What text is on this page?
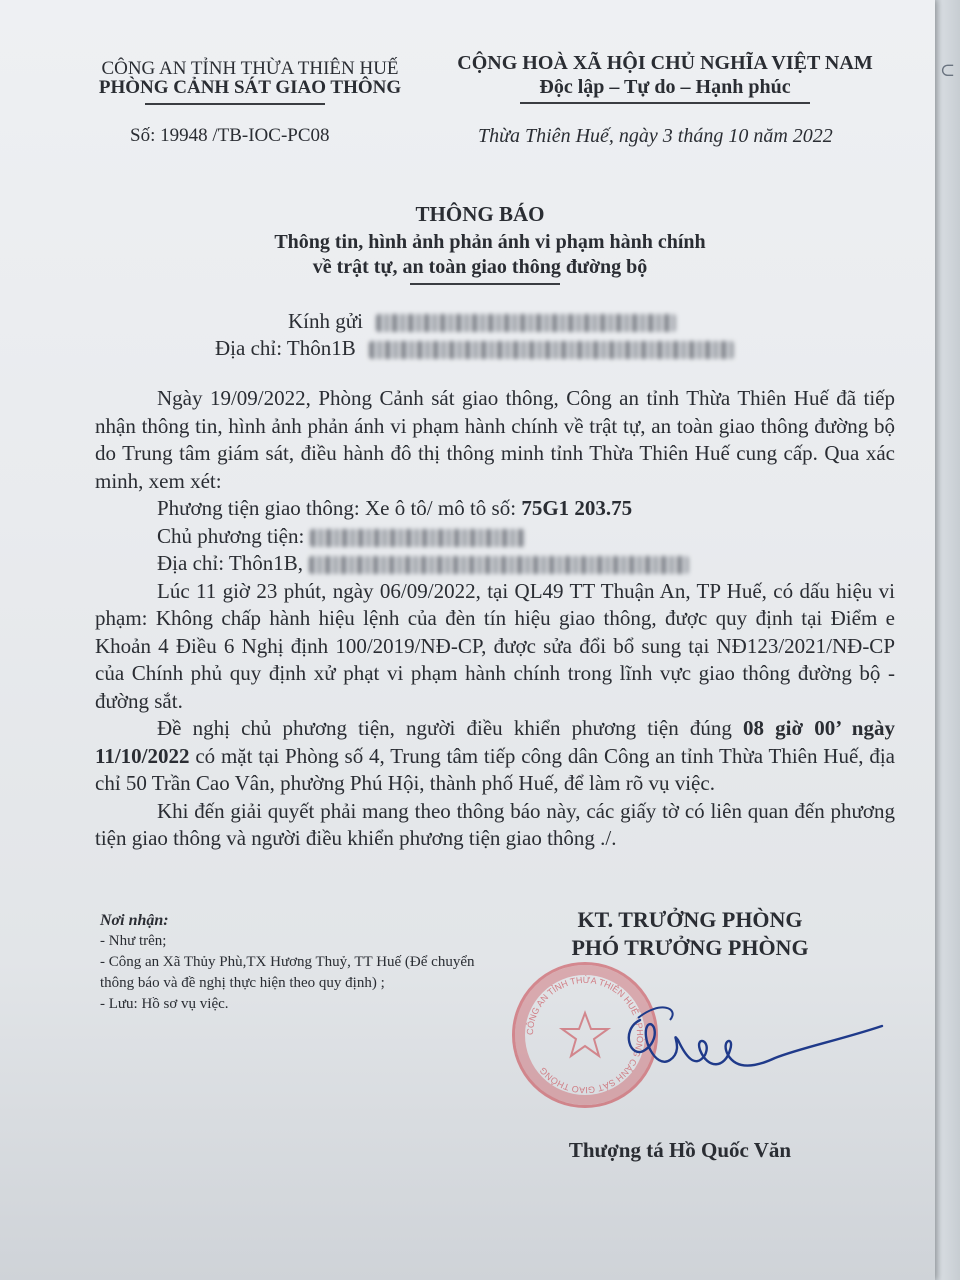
⊂
CÔNG AN TỈNH THỪA THIÊN HUẾ
PHÒNG CẢNH SÁT GIAO THÔNG
CỘNG HOÀ XÃ HỘI CHỦ NGHĨA VIỆT NAM
Độc lập – Tự do – Hạnh phúc
Số: 19948 /TB-IOC-PC08	Thừa Thiên Huế, ngày 3 tháng 10 năm 2022
THÔNG BÁO
Thông tin, hình ảnh phản ánh vi phạm hành chính
về trật tự, an toàn giao thông đường bộ
Kính gửi
Địa chỉ: Thôn1B

Ngày 19/09/2022, Phòng Cảnh sát giao thông, Công an tỉnh Thừa Thiên Huế đã tiếp nhận thông tin, hình ảnh phản ánh vi phạm hành chính về trật tự, an toàn giao thông đường bộ do Trung tâm giám sát, điều hành đô thị thông minh tỉnh Thừa Thiên Huế cung cấp. Qua xác minh, xem xét:

Phương tiện giao thông: Xe ô tô/ mô tô số: 75G1 203.75

Chủ phương tiện:

Địa chỉ: Thôn1B,

Lúc 11 giờ 23 phút, ngày 06/09/2022, tại QL49 TT Thuận An, TP Huế, có dấu hiệu vi phạm: Không chấp hành hiệu lệnh của đèn tín hiệu giao thông, được quy định tại Điểm e Khoản 4 Điều 6 Nghị định 100/2019/NĐ-CP, được sửa đổi bổ sung tại NĐ123/2021/NĐ-CP của Chính phủ quy định xử phạt vi phạm hành chính trong lĩnh vực giao thông đường bộ - đường sắt.

Đề nghị chủ phương tiện, người điều khiển phương tiện đúng 08 giờ 00’ ngày 11/10/2022 có mặt tại Phòng số 4, Trung tâm tiếp công dân Công an tỉnh Thừa Thiên Huế, địa chỉ 50 Trần Cao Vân, phường Phú Hội, thành phố Huế, để làm rõ vụ việc.

Khi đến giải quyết phải mang theo thông báo này, các giấy tờ có liên quan đến phương tiện giao thông và người điều khiển phương tiện giao thông ./.

Nơi nhận:
- Như trên;
- Công an Xã Thủy Phù,TX Hương Thuỷ, TT Huế (Để chuyển thông báo và đề nghị thực hiện theo quy định) ;
- Lưu: Hồ sơ vụ việc.
KT. TRƯỞNG PHÒNG
PHÓ TRƯỞNG PHÒNG
CÔNG AN TỈNH THỪA THIÊN HUẾ · PHÒNG CẢNH SÁT GIAO THÔNG
Thượng tá Hồ Quốc Văn
